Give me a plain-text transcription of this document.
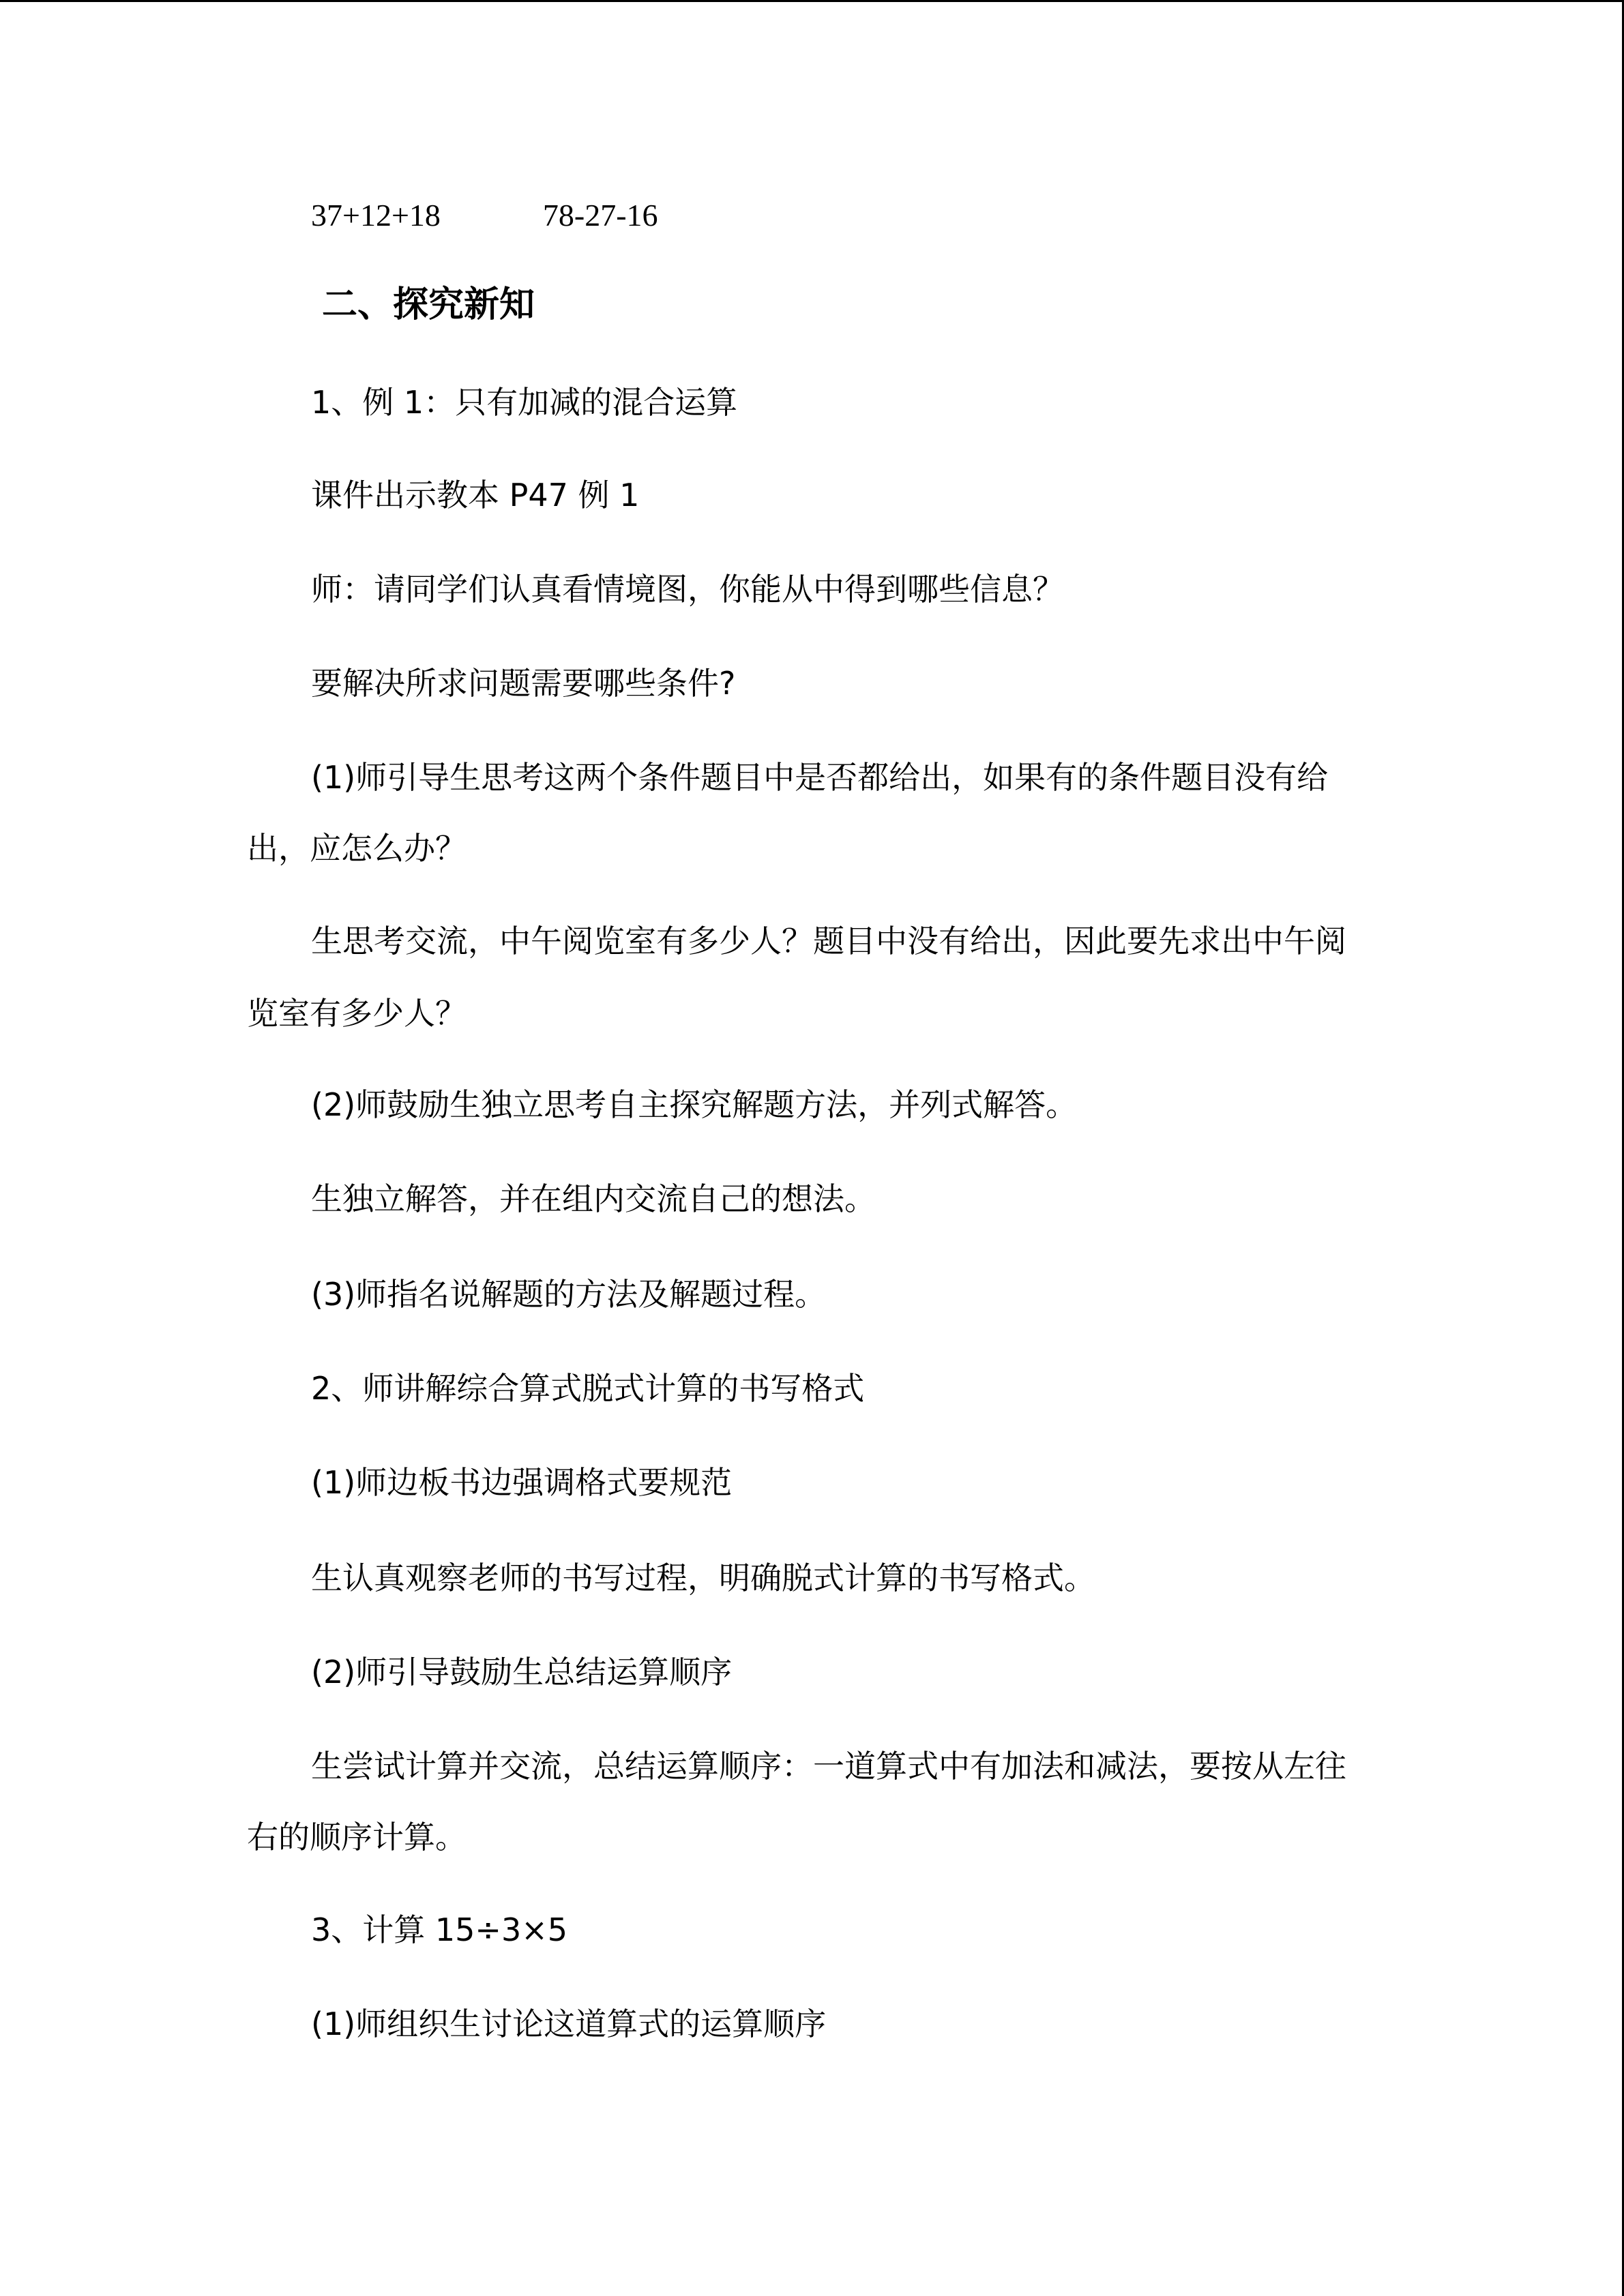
37+12+18	78-27-16
二、探究新知
1、例 1：只有加减的混合运算
课件出示教本 P47 例 1
师：请同学们认真看情境图，你能从中得到哪些信息？
要解决所求问题需要哪些条件?
(1)师引导生思考这两个条件题目中是否都给出，如果有的条件题目没有给
出，应怎么办？
生思考交流，中午阅览室有多少人？题目中没有给出，因此要先求出中午阅
览室有多少人？
(2)师鼓励生独立思考自主探究解题方法，并列式解答。
生独立解答，并在组内交流自己的想法。
(3)师指名说解题的方法及解题过程。
2、师讲解综合算式脱式计算的书写格式
(1)师边板书边强调格式要规范
生认真观察老师的书写过程，明确脱式计算的书写格式。
(2)师引导鼓励生总结运算顺序
生尝试计算并交流，总结运算顺序：一道算式中有加法和减法，要按从左往
右的顺序计算。
3、计算 15÷3×5
(1)师组织生讨论这道算式的运算顺序
